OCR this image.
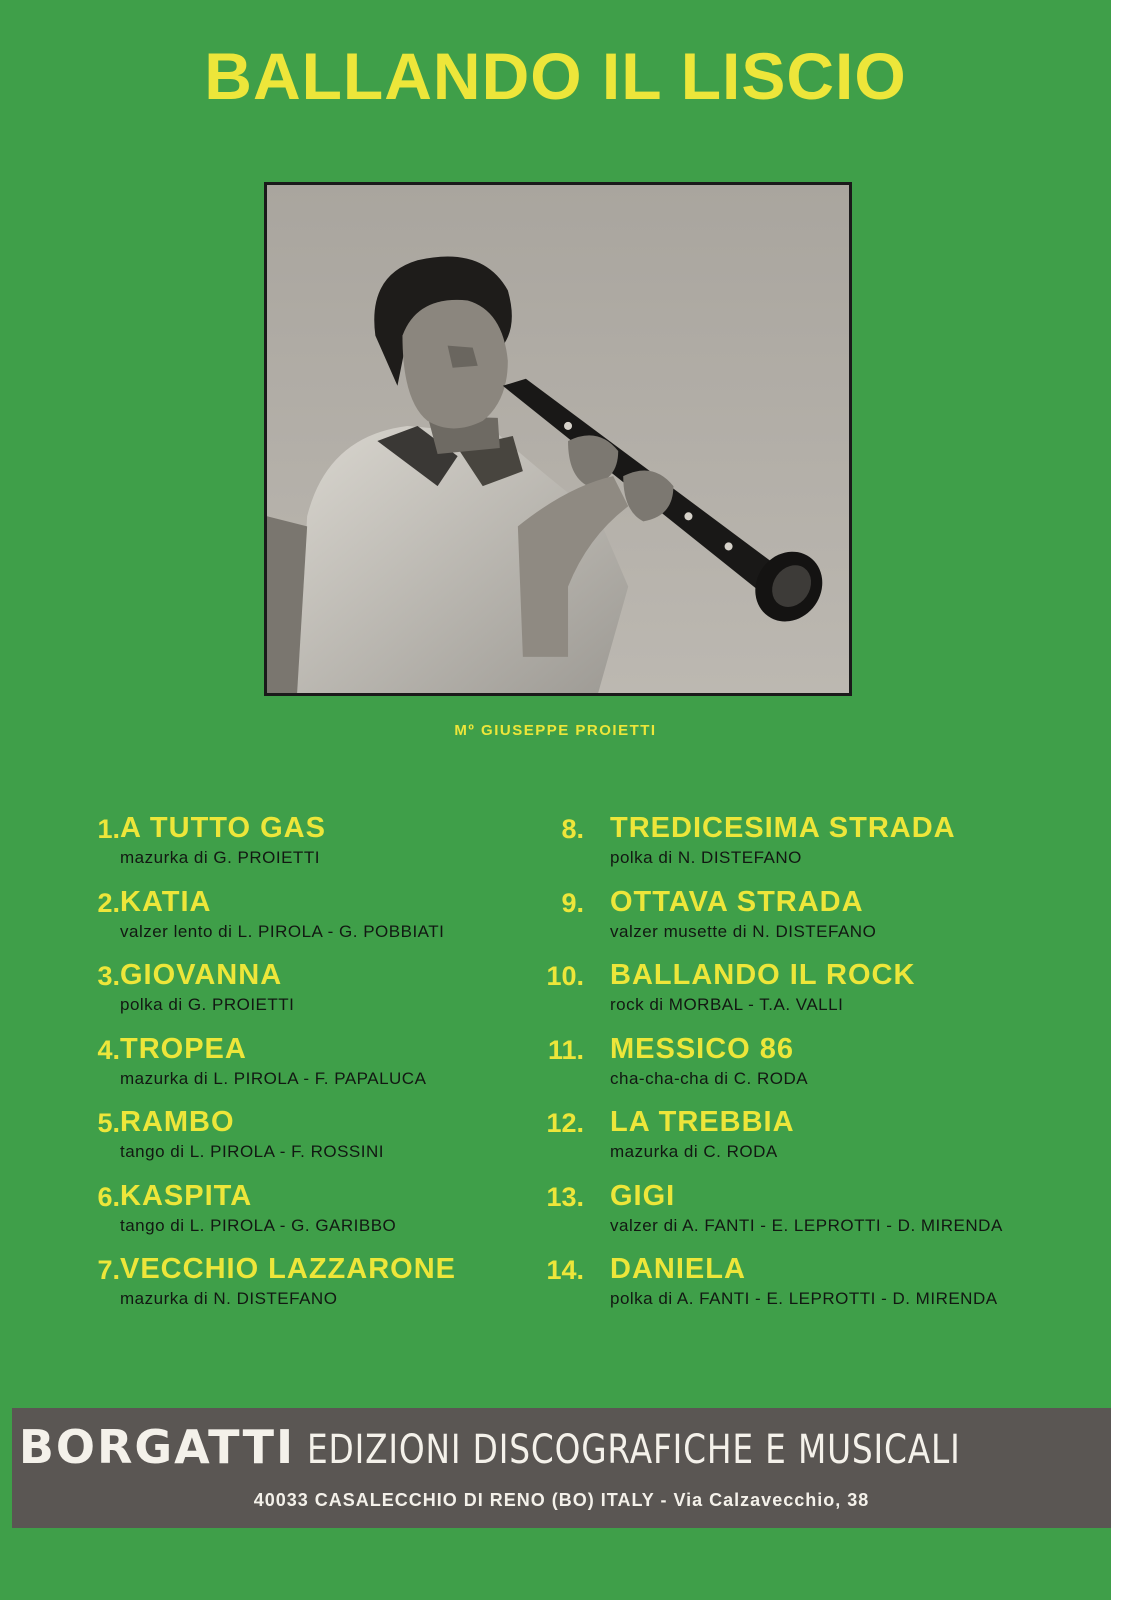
BALLANDO IL LISCIO
Mº GIUSEPPE PROIETTI
1. A TUTTO GAS
mazurka di G. PROIETTI
2. KATIA
valzer lento di L. PIROLA - G. POBBIATI
3. GIOVANNA
polka di G. PROIETTI
4. TROPEA
mazurka di L. PIROLA - F. PAPALUCA
5. RAMBO
tango di L. PIROLA - F. ROSSINI
6. KASPITA
tango di L. PIROLA - G. GARIBBO
7. VECCHIO LAZZARONE
mazurka di N. DISTEFANO
8. TREDICESIMA STRADA
polka di N. DISTEFANO
9. OTTAVA STRADA
valzer musette di N. DISTEFANO
10. BALLANDO IL ROCK
rock di MORBAL - T.A. VALLI
11. MESSICO 86
cha-cha-cha di C. RODA
12. LA TREBBIA
mazurka di C. RODA
13. GIGI
valzer di A. FANTI - E. LEPROTTI - D. MIRENDA
14. DANIELA
polka di A. FANTI - E. LEPROTTI - D. MIRENDA
BORGATTI EDIZIONI DISCOGRAFICHE E MUSICALI
40033 CASALECCHIO DI RENO (BO) ITALY - Via Calzavecchio, 38
